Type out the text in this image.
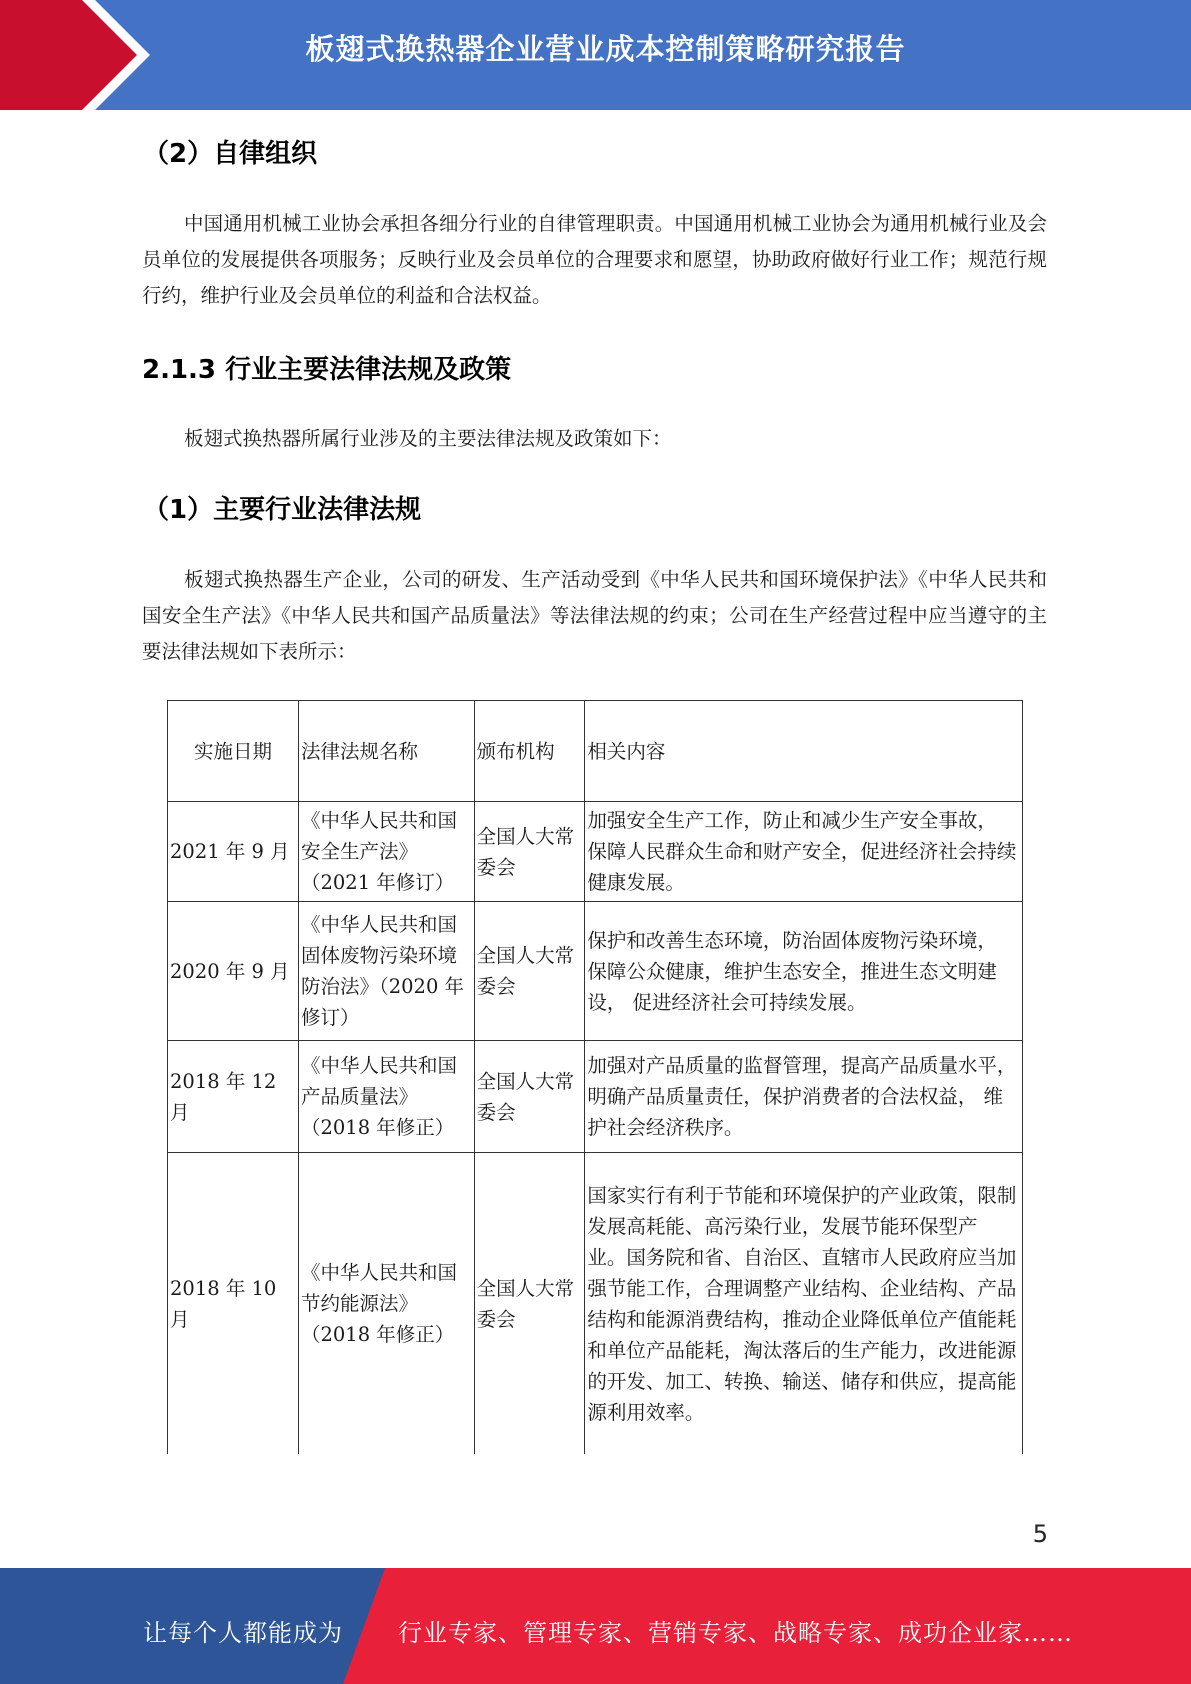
板翅式换热器企业营业成本控制策略研究报告
（2）自律组织
中国通用机械工业协会承担各细分行业的自律管理职责。中国通用机械工业协会为通用机械行业及会员单位的发展提供各项服务；反映行业及会员单位的合理要求和愿望，协助政府做好行业工作；规范行规行约，维护行业及会员单位的利益和合法权益。
2.1.3 行业主要法律法规及政策
板翅式换热器所属行业涉及的主要法律法规及政策如下：
（1）主要行业法律法规
板翅式换热器生产企业，公司的研发、生产活动受到《中华人民共和国环境保护法》《中华人民共和国安全生产法》《中华人民共和国产品质量法》等法律法规的约束；公司在生产经营过程中应当遵守的主要法律法规如下表所示：
实施日期	法律法规名称	颁布机构	相关内容
2021 年 9 月	《中华人民共和国安全生产法》（2021 年修订）	全国人大常委会	加强安全生产工作，防止和减少生产安全事故， 保障人民群众生命和财产安全，促进经济社会持续 健康发展。
2020 年 9 月	《中华人民共和国固体废物污染环境防治法》（2020 年修订）	全国人大常委会	保护和改善生态环境，防治固体废物污染环境， 保障公众健康，维护生态安全，推进生态文明建设， 促进经济社会可持续发展。
2018 年 12 月	《中华人民共和国产品质量法》（2018 年修正）	全国人大常委会	加强对产品质量的监督管理，提高产品质量水平，明确产品质量责任，保护消费者的合法权益， 维护社会经济秩序。
2018 年 10 月	《中华人民共和国节约能源法》（2018 年修正）	全国人大常委会	国家实行有利于节能和环境保护的产业政策，限制发展高耗能、高污染行业，发展节能环保型产 业。国务院和省、自治区、直辖市人民政府应当加 强节能工作，合理调整产业结构、企业结构、产品 结构和能源消费结构，推动企业降低单位产值能耗 和单位产品能耗，淘汰落后的生产能力，改进能源 的开发、加工、转换、输送、储存和供应，提高能源利用效率。
5
让每个人都能成为 行业专家、管理专家、营销专家、战略专家、成功企业家……
